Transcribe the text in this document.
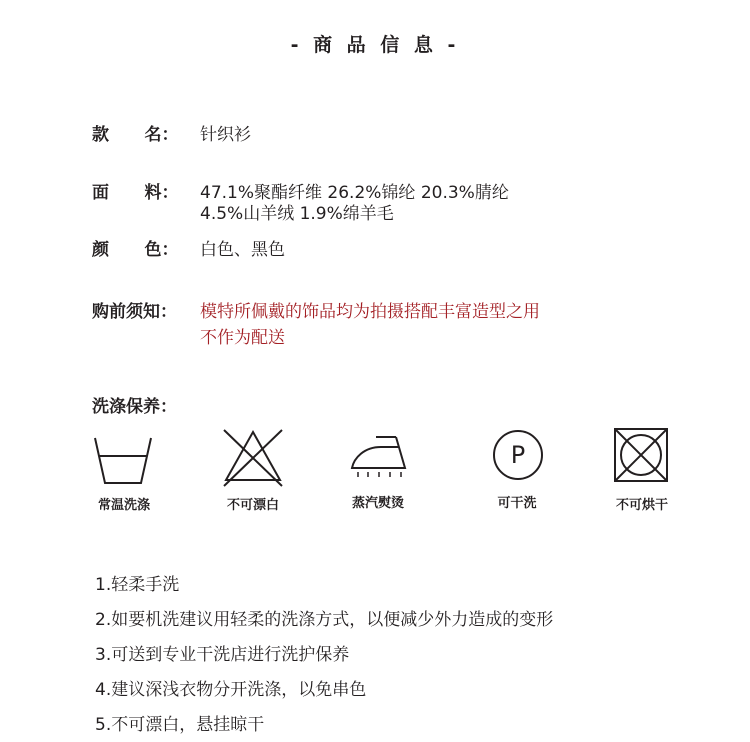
- 商 品 信 息 -
款      名： 针织衫
面      料： 47.1%聚酯纤维 26.2%锦纶 20.3%腈纶
4.5%山羊绒 1.9%绵羊毛
颜      色： 白色、黑色
购前须知： 模特所佩戴的饰品均为拍摄搭配丰富造型之用
不作为配送
洗涤保养：
常温洗涤	不可漂白	蒸汽熨烫
P
可干洗	不可烘干
1.轻柔手洗
2.如要机洗建议用轻柔的洗涤方式，以便减少外力造成的变形
3.可送到专业干洗店进行洗护保养
4.建议深浅衣物分开洗涤，以免串色
5.不可漂白，悬挂晾干
